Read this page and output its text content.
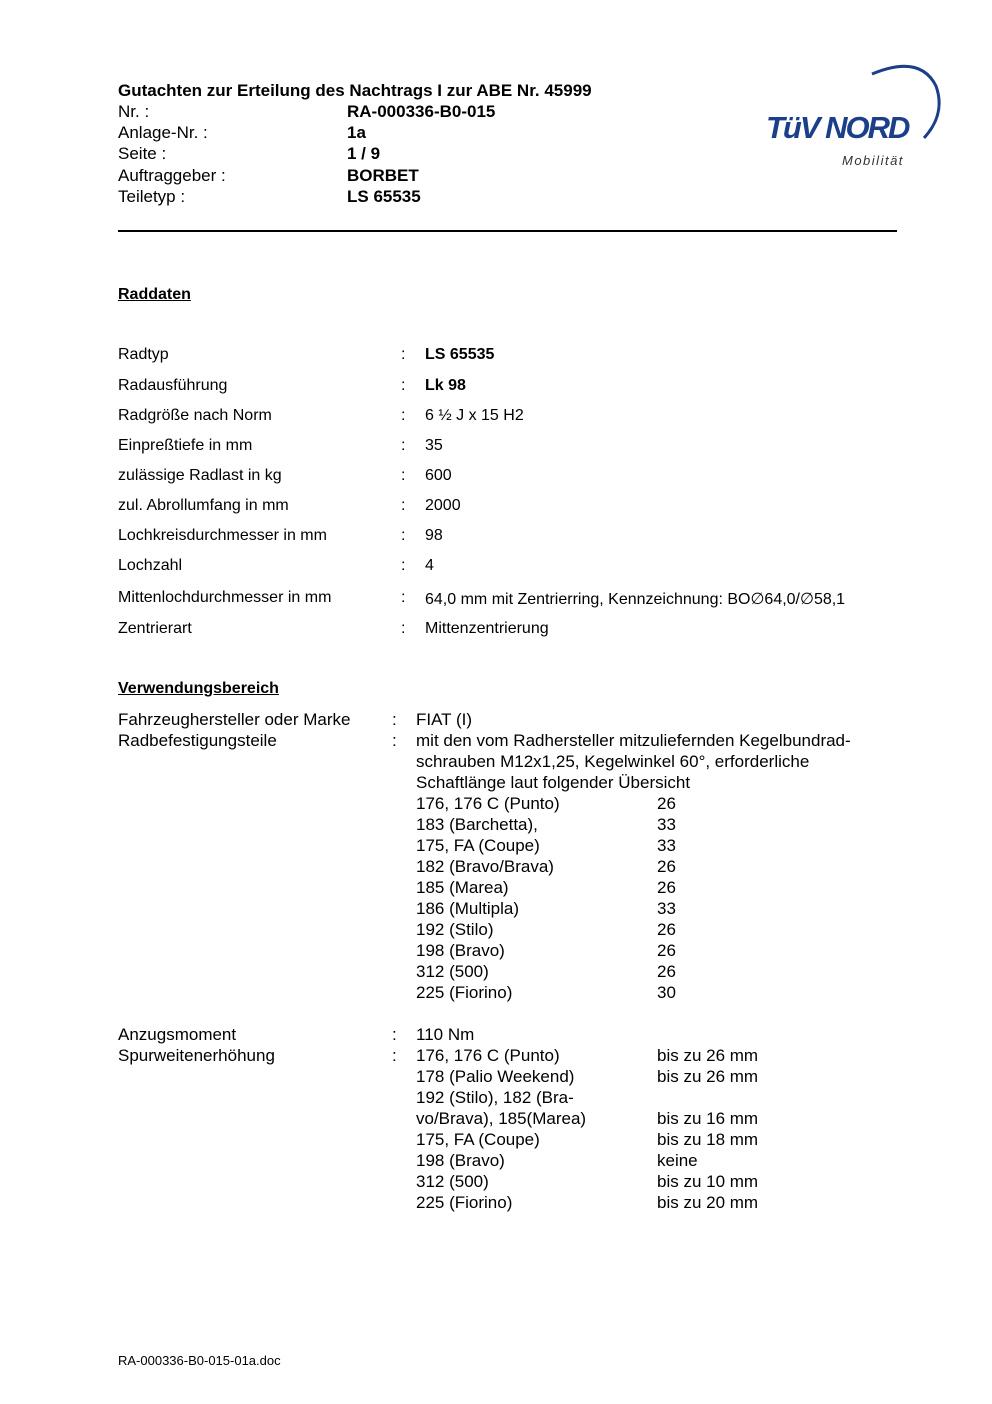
Gutachten zur Erteilung des Nachtrags I zur ABE Nr. 45999
Nr. :	RA-000336-B0-015
Anlage-Nr. :	1a
Seite :	1 / 9
Auftraggeber :	BORBET
Teiletyp :	LS 65535
TüV NORD
Mobilität
Raddaten
Radtyp	: LS 65535
Radausführung	: Lk 98
Radgröße nach Norm	: 6 ½ J x 15 H2
Einpreßtiefe in mm	: 35
zulässige Radlast in kg	: 600
zul. Abrollumfang in mm	: 2000
Lochkreisdurchmesser in mm	: 98
Lochzahl	: 4
Mittenlochdurchmesser in mm	: 64,0 mm mit Zentrierring, Kennzeichnung: BO∅64,0/∅58,1
Zentrierart	: Mittenzentrierung
Verwendungsbereich
Fahrzeughersteller oder Marke : FIAT (I)
Radbefestigungsteile	: mit den vom Radhersteller mitzuliefernden Kegelbundrad-
schrauben M12x1,25, Kegelwinkel 60°, erforderliche
Schaftlänge laut folgender Übersicht
176, 176 C (Punto)	26
183 (Barchetta),	33
175, FA (Coupe)	33
182 (Bravo/Brava)	26
185 (Marea)	26
186 (Multipla)	33
192 (Stilo)	26
198 (Bravo)	26
312 (500)	26
225 (Fiorino)	30
Anzugsmoment	: 110 Nm
Spurweitenerhöhung	: 176, 176 C (Punto)	bis zu 26 mm
178 (Palio Weekend)	bis zu 26 mm
192 (Stilo), 182 (Bra-
vo/Brava), 185(Marea)	bis zu 16 mm
175, FA (Coupe)	bis zu 18 mm
198 (Bravo)	keine
312 (500)	bis zu 10 mm
225 (Fiorino)	bis zu 20 mm
RA-000336-B0-015-01a.doc
